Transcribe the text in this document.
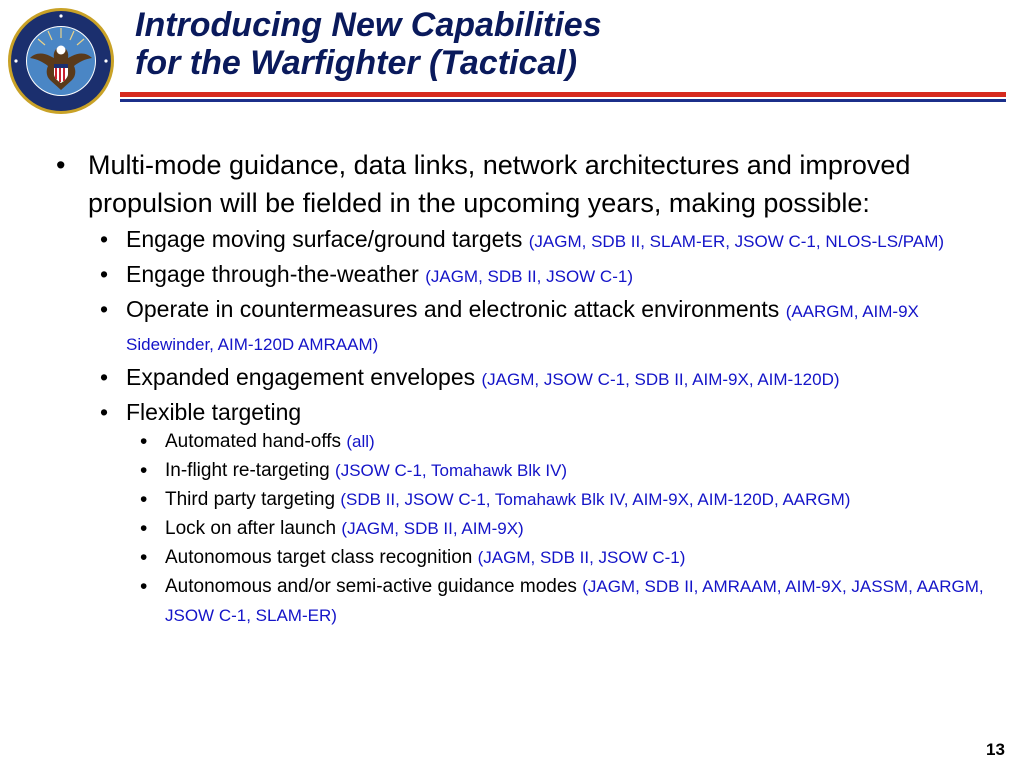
Introducing New Capabilities
for the Warfighter (Tactical)
• Multi-mode guidance, data links, network architectures and improved propulsion will be fielded in the upcoming years, making possible:
• Engage moving surface/ground targets (JAGM, SDB II, SLAM-ER, JSOW C-1, NLOS-LS/PAM)
• Engage through-the-weather (JAGM, SDB II, JSOW C-1)
• Operate in countermeasures and electronic attack environments (AARGM, AIM-9X Sidewinder, AIM-120D AMRAAM)
• Expanded engagement envelopes (JAGM, JSOW C-1, SDB II, AIM-9X, AIM-120D)
• Flexible targeting
• Automated hand-offs (all)
• In-flight re-targeting (JSOW C-1, Tomahawk Blk IV)
• Third party targeting (SDB II, JSOW C-1, Tomahawk Blk IV, AIM-9X, AIM-120D, AARGM)
• Lock on after launch (JAGM, SDB II, AIM-9X)
• Autonomous target class recognition (JAGM, SDB II, JSOW C-1)
• Autonomous and/or semi-active guidance modes (JAGM, SDB II, AMRAAM, AIM-9X, JASSM, AARGM, JSOW C-1, SLAM-ER)
13
